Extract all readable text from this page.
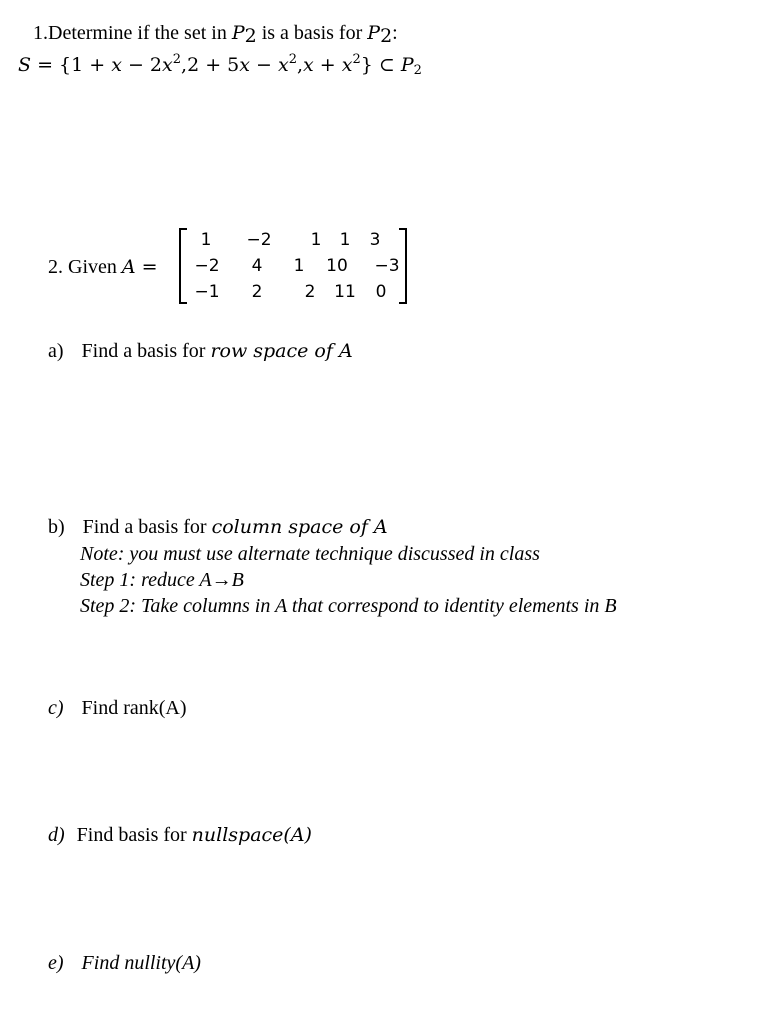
1.Determine if the set in $P_2$ is a basis for $P_2$:
$S = \{1 + x - 2x^2,2 + 5x - x^2,x + x^2\}$ ⊂ $P_2$
2. Given A =
1	−2	1	1	3
−2	4	1	10	−3
−1	2	2	11	0
a) Find a basis for row space of A
b) Find a basis for column space of A
Note: you must use alternate technique discussed in class
Step 1: reduce A→B
Step 2: Take columns in A that correspond to identity elements in B
c) Find rank(A)
d) Find basis for nullspace(A)
e) Find nullity(A)
